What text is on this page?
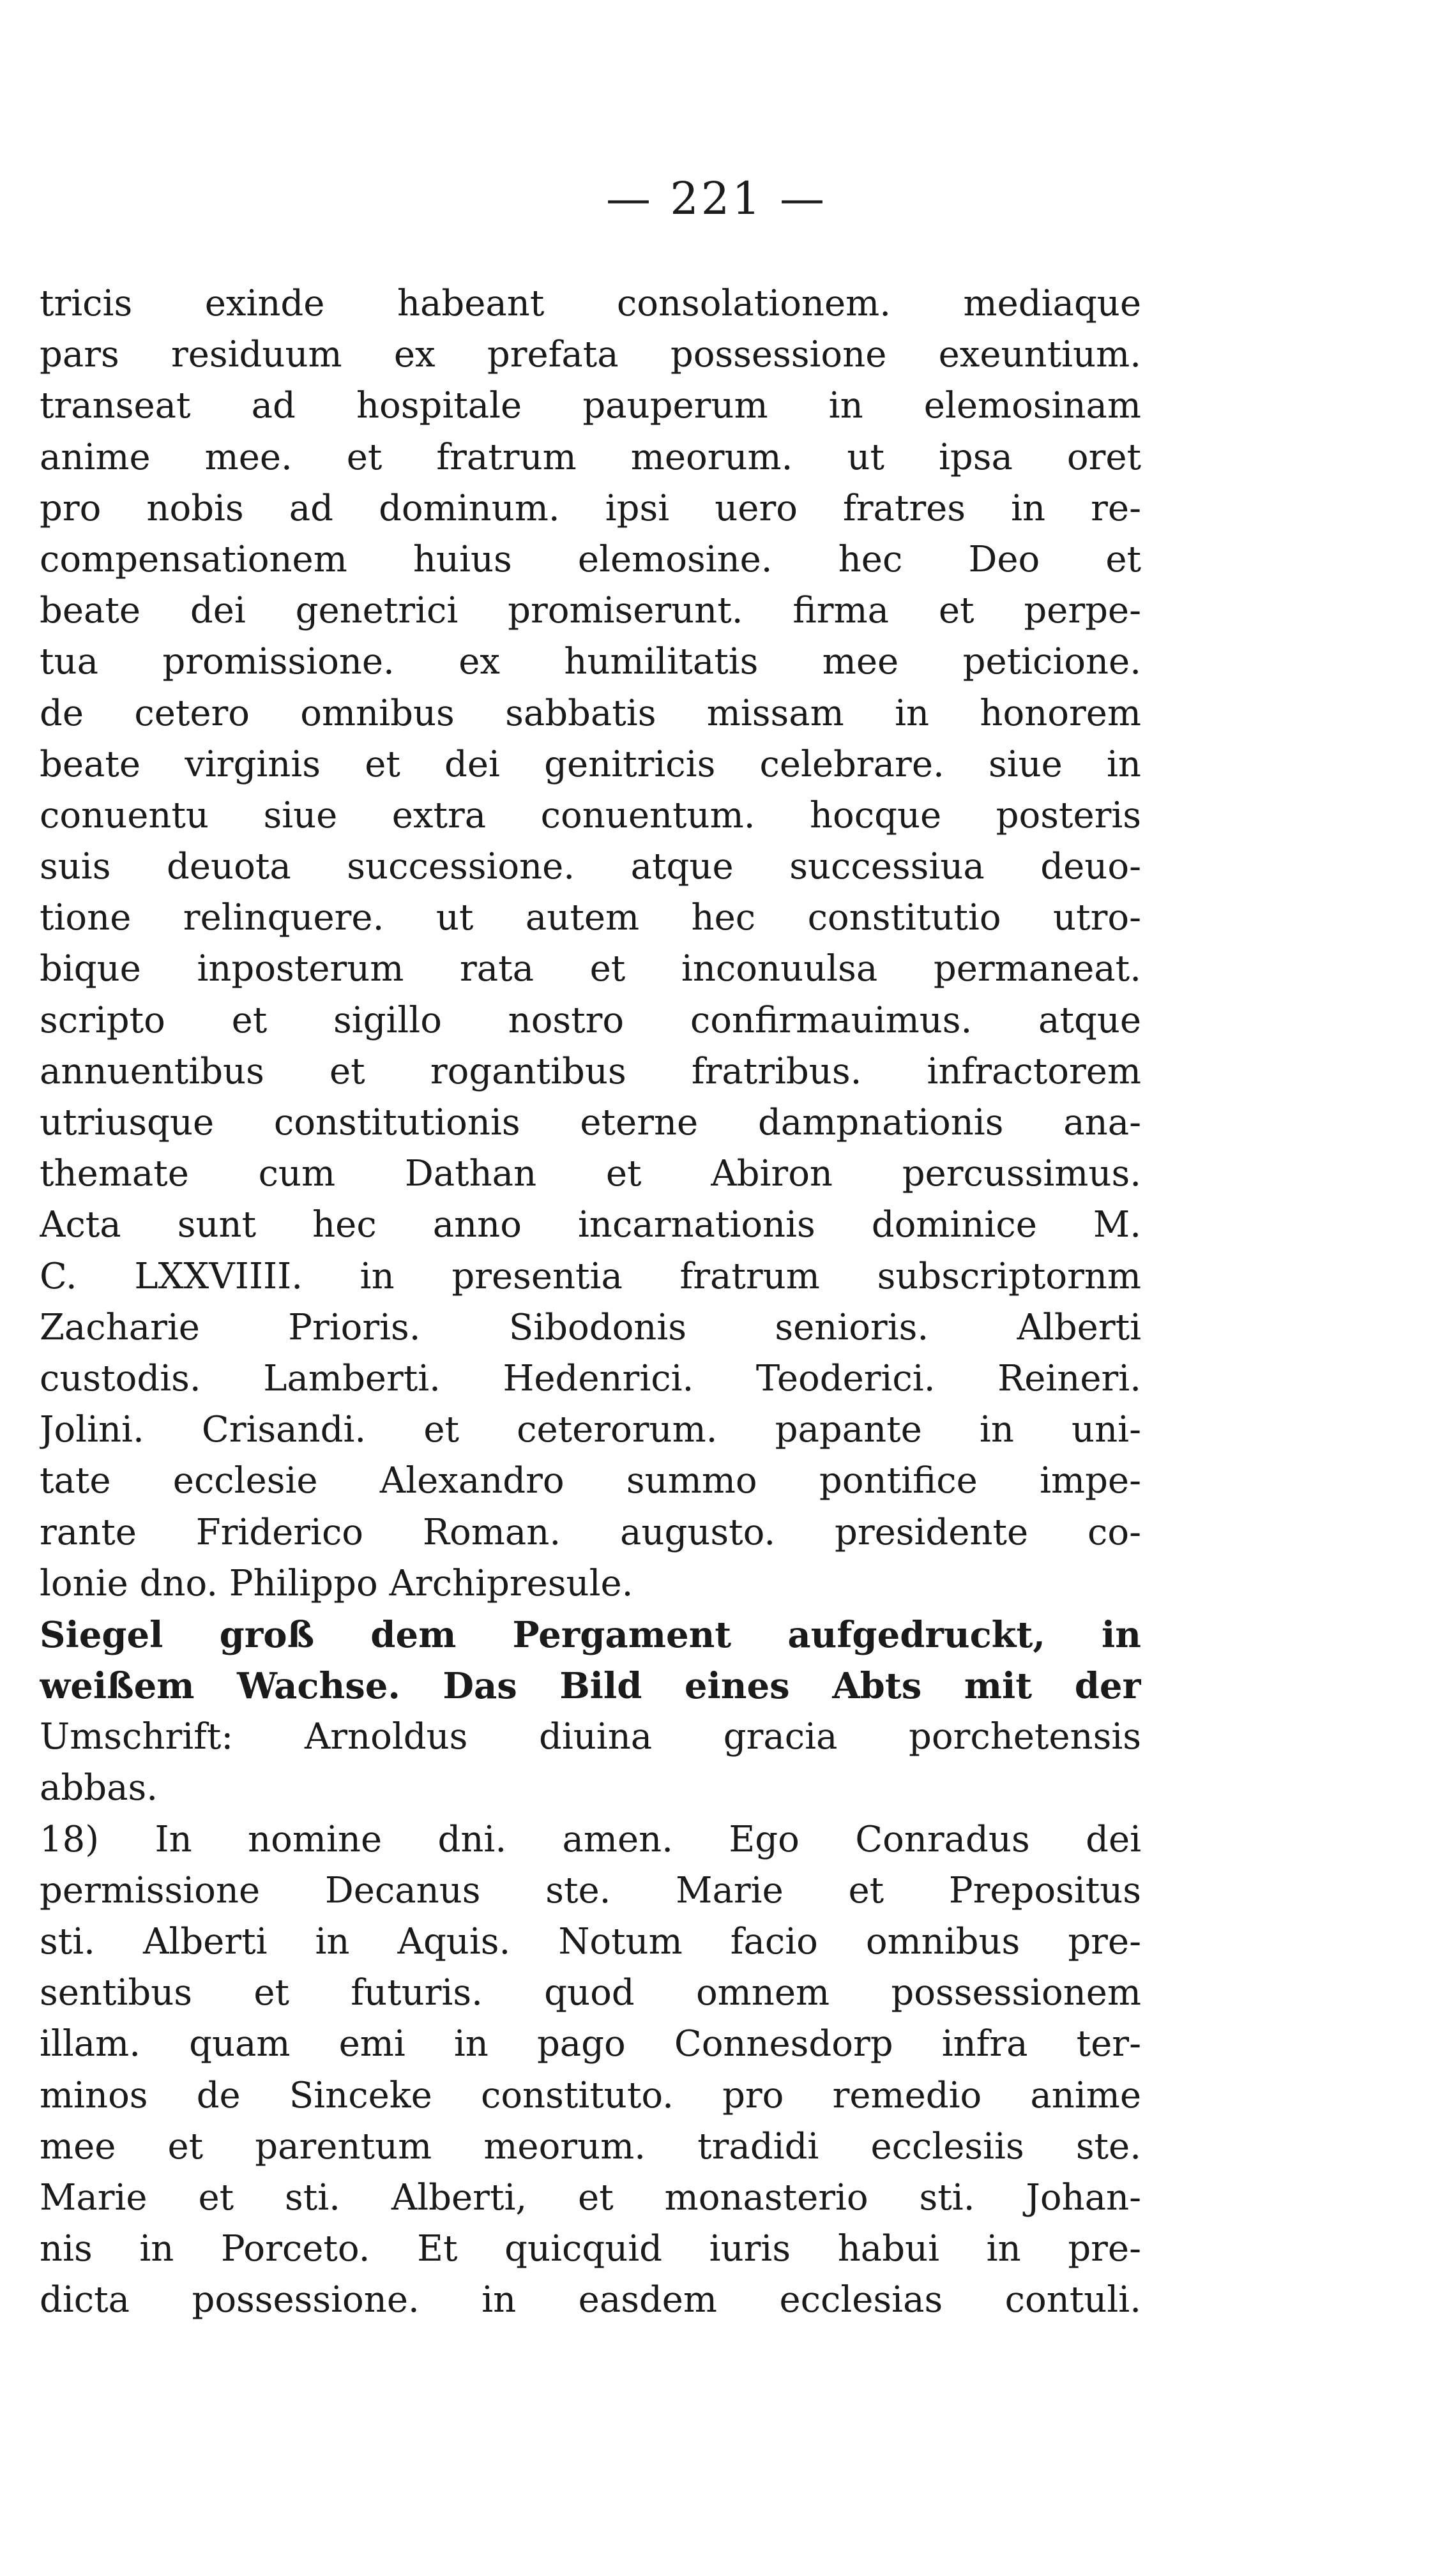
— 221 —
tricis exinde habeant consolationem. mediaque
pars residuum ex prefata possessione exeuntium.
transeat ad hospitale pauperum in elemosinam
anime mee. et fratrum meorum. ut ipsa oret
pro nobis ad dominum. ipsi uero fratres in re-
compensationem huius elemosine. hec Deo et
beate dei genetrici promiserunt. firma et perpe-
tua promissione. ex humilitatis mee peticione.
de cetero omnibus sabbatis missam in honorem
beate virginis et dei genitricis celebrare. siue in
conuentu siue extra conuentum. hocque posteris
suis deuota successione. atque successiua deuo-
tione relinquere. ut autem hec constitutio utro-
bique inposterum rata et inconuulsa permaneat.
scripto et sigillo nostro confirmauimus. atque
annuentibus et rogantibus fratribus. infractorem
utriusque constitutionis eterne dampnationis ana-
themate cum Dathan et Abiron percussimus.
Acta sunt hec anno incarnationis dominice M.
C. LXXVIIII. in presentia fratrum subscriptornm
Zacharie Prioris. Sibodonis senioris. Alberti
custodis. Lamberti. Hedenrici. Teoderici. Reineri.
Jolini. Crisandi. et ceterorum. papante in uni-
tate ecclesie Alexandro summo pontifice impe-
rante Friderico Roman. augusto. presidente co-
lonie dno. Philippo Archipresule.
Siegel groß dem Pergament aufgedruckt, in
weißem Wachse. Das Bild eines Abts mit der
Umschrift: Arnoldus diuina gracia porchetensis
abbas.
18) In nomine dni. amen. Ego Conradus dei
permissione Decanus ste. Marie et Prepositus
sti. Alberti in Aquis. Notum facio omnibus pre-
sentibus et futuris. quod omnem possessionem
illam. quam emi in pago Connesdorp infra ter-
minos de Sinceke constituto. pro remedio anime
mee et parentum meorum. tradidi ecclesiis ste.
Marie et sti. Alberti, et monasterio sti. Johan-
nis in Porceto. Et quicquid iuris habui in pre-
dicta possessione. in easdem ecclesias contuli.
